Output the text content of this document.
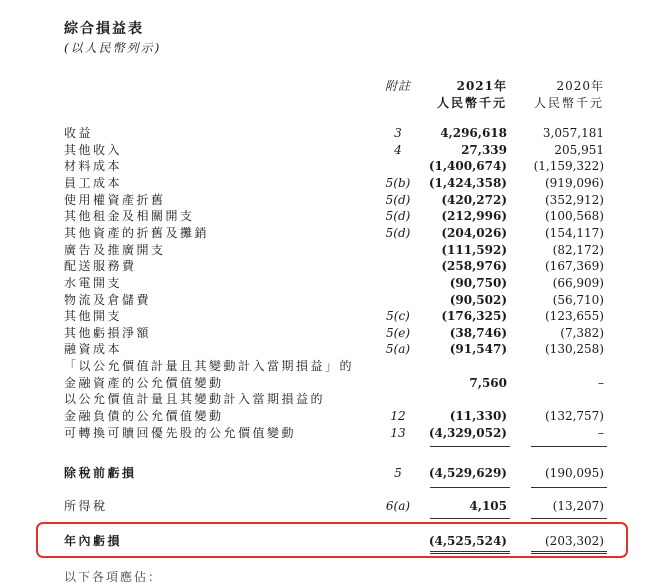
綜合損益表
(以人民幣列示)
附註	2021年
人民幣千元
2020年
人民幣千元
收益	3	4,296,618	3,057,181
其他收入	4	27,339	205,951
材料成本	(1,400,674) (1,159,322)
員工成本	5(b)	(1,424,358)	(919,096)
使用權資產折舊	5(d)	(420,272)	(352,912)
其他租金及相關開支	5(d)	(212,996)	(100,568)
其他資產的折舊及攤銷	5(d)	(204,026)	(154,117)
廣告及推廣開支	(111,592)	(82,172)
配送服務費	(258,976)	(167,369)
水電開支	(90,750)	(66,909)
物流及倉儲費	(90,502)	(56,710)
其他開支	5(c)	(176,325)	(123,655)
其他虧損淨額	5(e)	(38,746)	(7,382)
融資成本	5(a)	(91,547)	(130,258)
「以公允價值計量且其變動計入當期損益」的
金融資產的公允價值變動	7,560	–
以公允價值計量且其變動計入當期損益的
金融負債的公允價值變動	12	(11,330)	(132,757)
可轉換可贖回優先股的公允價值變動	13	(4,329,052)	–
除稅前虧損	5	(4,529,629)	(190,095)
所得稅	6(a)	4,105	(13,207)
年內虧損	(4,525,524)	(203,302)
以下各項應佔：
